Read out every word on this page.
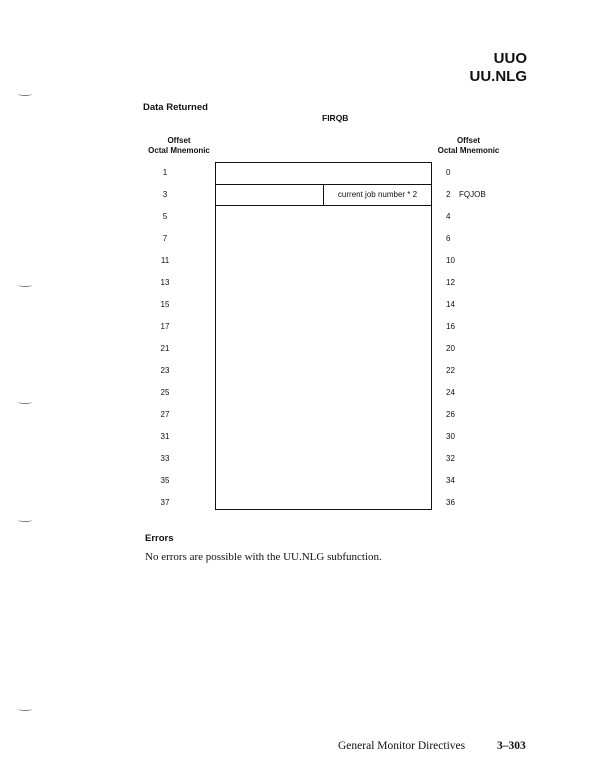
UUO
UU.NLG
Data Returned
FIRQB
Offset
Octal Mnemonic
Offset
Octal Mnemonic
current job number * 2
1
3
5
7
11
13
15
17
21
23
25
27
31
33
35
37
0
2 FQJOB
4
6
10
12
14
16
20
22
24
26
30
32
34
36
Errors
No errors are possible with the UU.NLG subfunction.
General Monitor Directives	3–303
